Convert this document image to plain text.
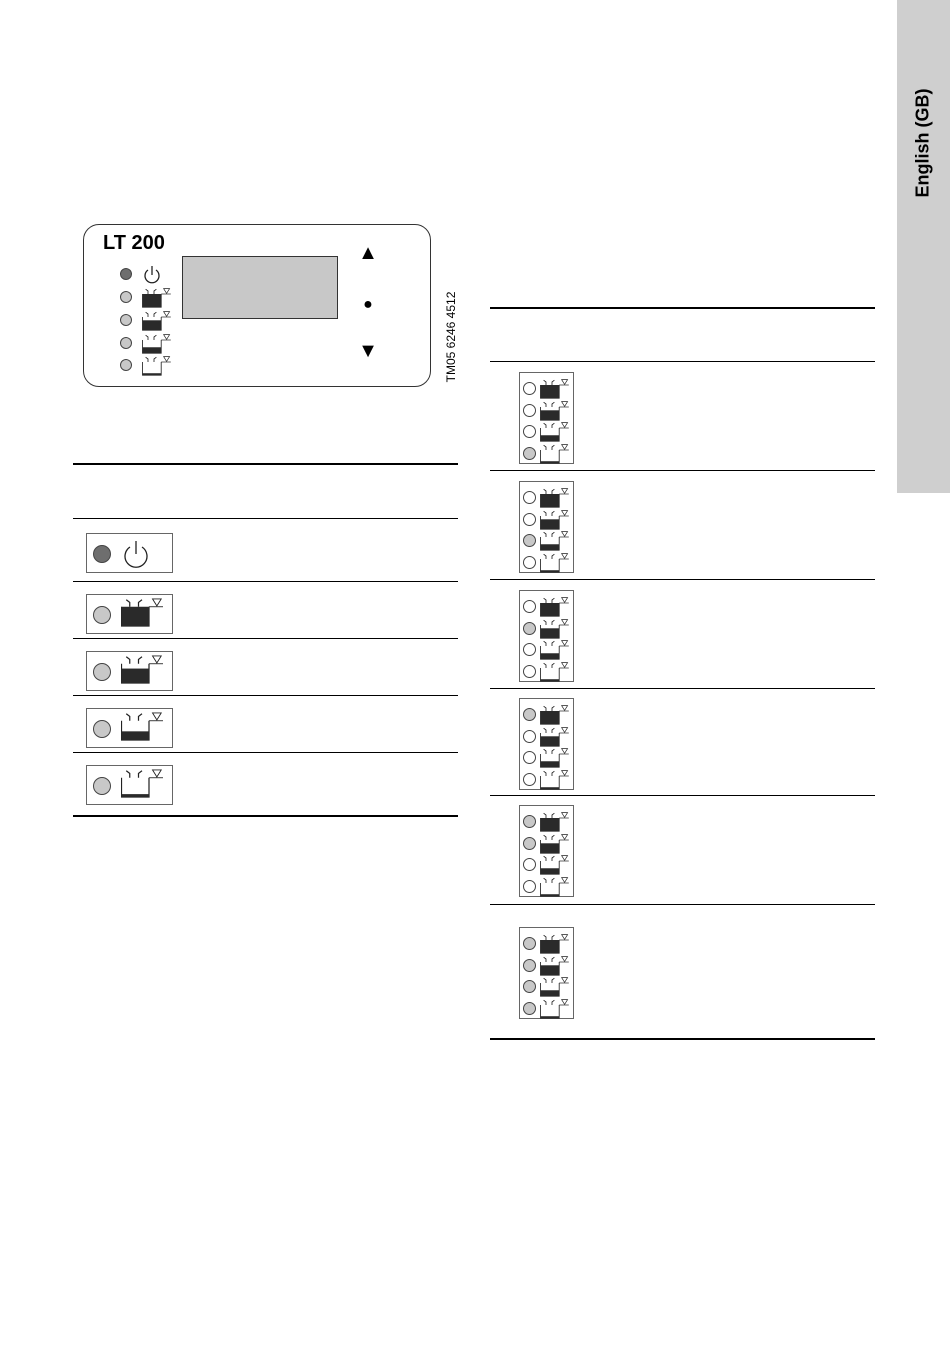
English (GB)
LT 200	▲
●
▼	TM05 6246 4512
